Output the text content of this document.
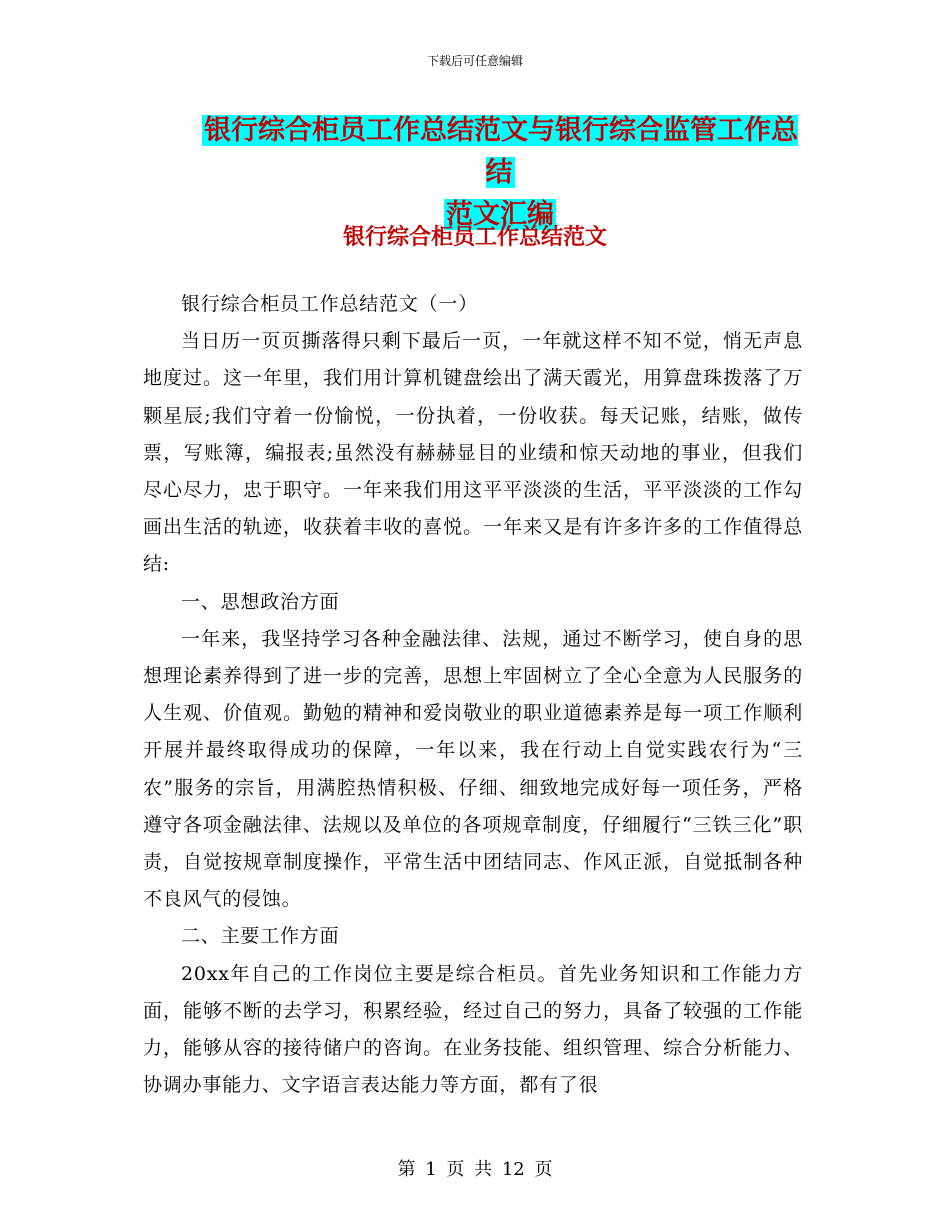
下载后可任意编辑
银行综合柜员工作总结范文与银行综合监管工作总结
范文汇编
银行综合柜员工作总结范文

银行综合柜员工作总结范文（一）

当日历一页页撕落得只剩下最后一页，一年就这样不知不觉，悄无声息地度过。这一年里，我们用计算机键盘绘出了满天霞光，用算盘珠拨落了万颗星辰;我们守着一份愉悦，一份执着，一份收获。每天记账，结账，做传票，写账簿，编报表;虽然没有赫赫显目的业绩和惊天动地的事业，但我们尽心尽力，忠于职守。一年来我们用这平平淡淡的生活，平平淡淡的工作勾画出生活的轨迹，收获着丰收的喜悦。一年来又是有许多许多的工作值得总结:

一、思想政治方面

一年来，我坚持学习各种金融法律、法规，通过不断学习，使自身的思想理论素养得到了进一步的完善，思想上牢固树立了全心全意为人民服务的人生观、价值观。勤勉的精神和爱岗敬业的职业道德素养是每一项工作顺利开展并最终取得成功的保障，一年以来，我在行动上自觉实践农行为“三农”服务的宗旨，用满腔热情积极、仔细、细致地完成好每一项任务，严格遵守各项金融法律、法规以及单位的各项规章制度，仔细履行“三铁三化”职责，自觉按规章制度操作，平常生活中团结同志、作风正派，自觉抵制各种不良风气的侵蚀。

二、主要工作方面

20xx年自己的工作岗位主要是综合柜员。首先业务知识和工作能力方面，能够不断的去学习，积累经验，经过自己的努力，具备了较强的工作能力，能够从容的接待储户的咨询。在业务技能、组织管理、综合分析能力、协调办事能力、文字语言表达能力等方面，都有了很

第 1 页 共 12 页
